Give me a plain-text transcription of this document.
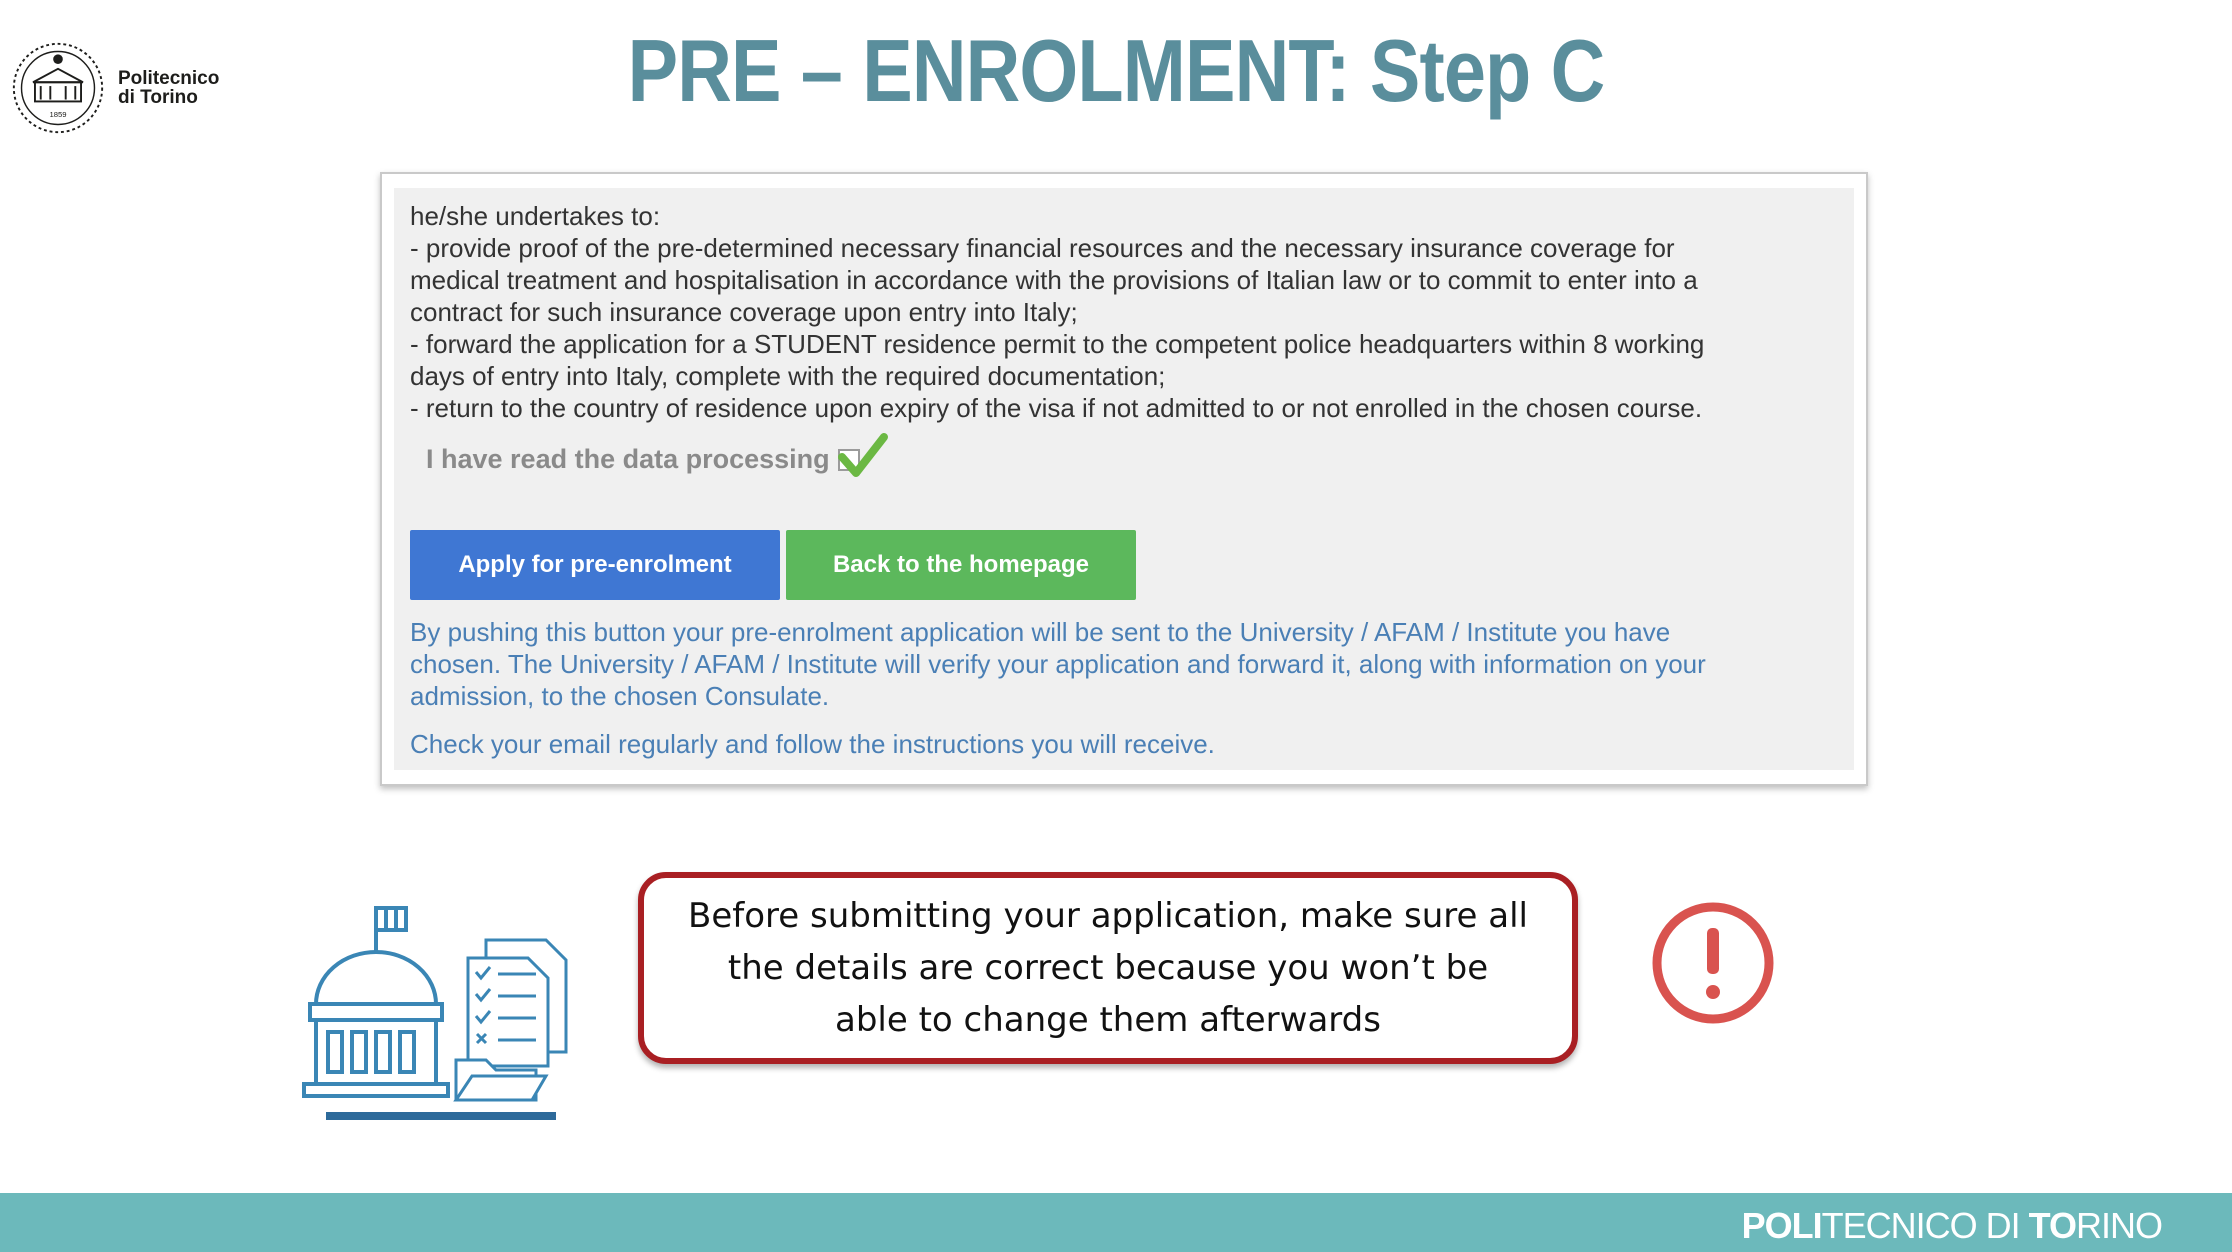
1859
Politecnico
di Torino	PRE – ENROLMENT: Step C
he/she undertakes to:
- provide proof of the pre-determined necessary financial resources and the necessary insurance coverage for
medical treatment and hospitalisation in accordance with the provisions of Italian law or to commit to enter into a
contract for such insurance coverage upon entry into Italy;
- forward the application for a STUDENT residence permit to the competent police headquarters within 8 working
days of entry into Italy, complete with the required documentation;
- return to the country of residence upon expiry of the visa if not admitted to or not enrolled in the chosen course.
I have read the data processing
Apply for pre-enrolment	Back to the homepage
By pushing this button your pre-enrolment application will be sent to the University / AFAM / Institute you have
chosen. The University / AFAM / Institute will verify your application and forward it, along with information on your
admission, to the chosen Consulate.
Check your email regularly and follow the instructions you will receive.
Before submitting your application, make sure all
the details are correct because you won’t be
able to change them afterwards
POLITECNICO DI TORINO
